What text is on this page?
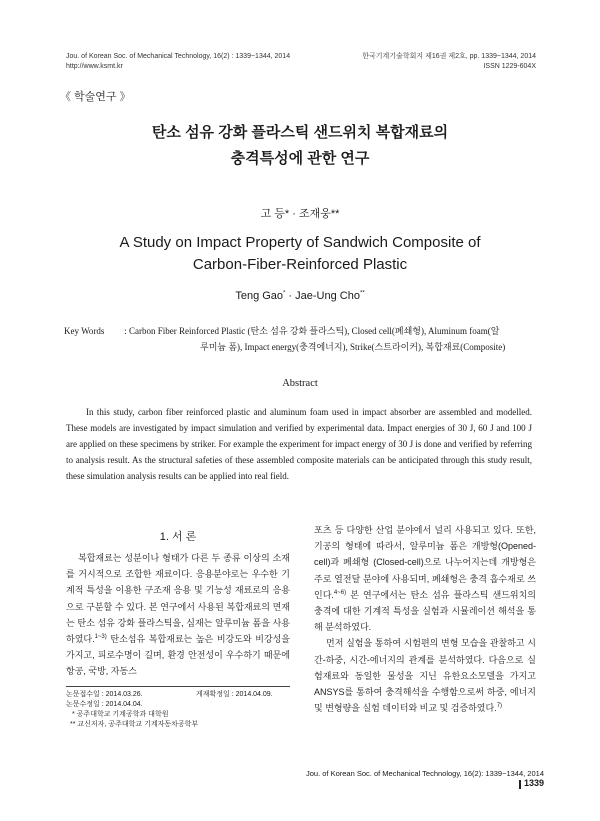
Jou. of Korean Soc. of Mechanical Technology, 16(2) : 1339~1344, 2014
http://www.ksmt.kr
한국기계기술학회지 제16권 제2호, pp. 1339~1344, 2014
ISSN 1229-604X
《 학술연구 》
탄소 섬유 강화 플라스틱 샌드위치 복합재료의
충격특성에 관한 연구
고 등* · 조재웅**
A Study on Impact Property of Sandwich Composite of
Carbon-Fiber-Reinforced Plastic
Teng Gao* · Jae-Ung Cho**
Key Words : Carbon Fiber Reinforced Plastic (탄소 섬유 강화 플라스틱), Closed cell(폐쇄형), Aluminum foam(알
루미늄 폼), Impact energy(충격에너지), Strike(스트라이커), 복합재료(Composite)
Abstract
In this study, carbon fiber reinforced plastic and aluminum foam used in impact absorber are assembled and modelled. These models are investigated by impact simulation and verified by experimental data. Impact energies of 30 J, 60 J and 100 J are applied on these specimens by striker. For example the experiment for impact energy of 30 J is done and verified by referring to analysis result. As the structural safeties of these assembled composite materials can be anticipated through this study result, these simulation analysis results can be applied into real field.
1. 서 론
복합재료는 성분이나 형태가 다른 두 종류 이상의 소재를 거시적으로 조합한 재료이다. 응용분야로는 우수한 기계적 특성을 이용한 구조재 응용 및 기능성 재료로의 응용으로 구분할 수 있다. 본 연구에서 사용된 복합재료의 면재는 탄소 섬유 강화 플라스틱을, 심재는 알루미늄 폼을 사용하였다.$^{1\sim 3)}$ 탄소섬유 복합재료는 높은 비강도와 비강성을 가지고, 피로수명이 길며, 환경 안전성이 우수하기 때문에 항공, 국방, 자동스

포츠 등 다양한 산업 분야에서 널리 사용되고 있다. 또한, 기공의 형태에 따라서, 알루미늄 폼은 개방형(Opened-cell)과 폐쇄형 (Closed-cell)으로 나누어지는데 개방형은 주로 열전달 분야에 사용되며, 폐쇄형은 충격 흡수재로 쓰인다.$^{4\sim 6)}$ 본 연구에서는 탄소 섬유 플라스틱 샌드위치의 충격에 대한 기계적 특성을 실험과 시뮬레이션 해석을 통해 분석하였다.

먼저 실험을 통하여 시험편의 변형 모습을 관찰하고 시간-하중, 시간-에너지의 관계를 분석하였다. 다음으로 실험재료와 동일한 물성을 지닌 유한요소모델을 가지고 ANSYS를 통하여 충격해석을 수행함으로써 하중, 에너지 및 변형량을 실험 데이터와 비교 및 검증하였다.$^{7)}$

논문접수일 : 2014.03.26.	게재확정일 : 2014.04.09.
논문수정일 : 2014.04.04.
* 공주대학교 기계공학과 대학원
** 교신저자, 공주대학교 기계자동차공학부
Jou. of Korean Soc. of Mechanical Technology, 16(2): 1339~1344, 20141339
